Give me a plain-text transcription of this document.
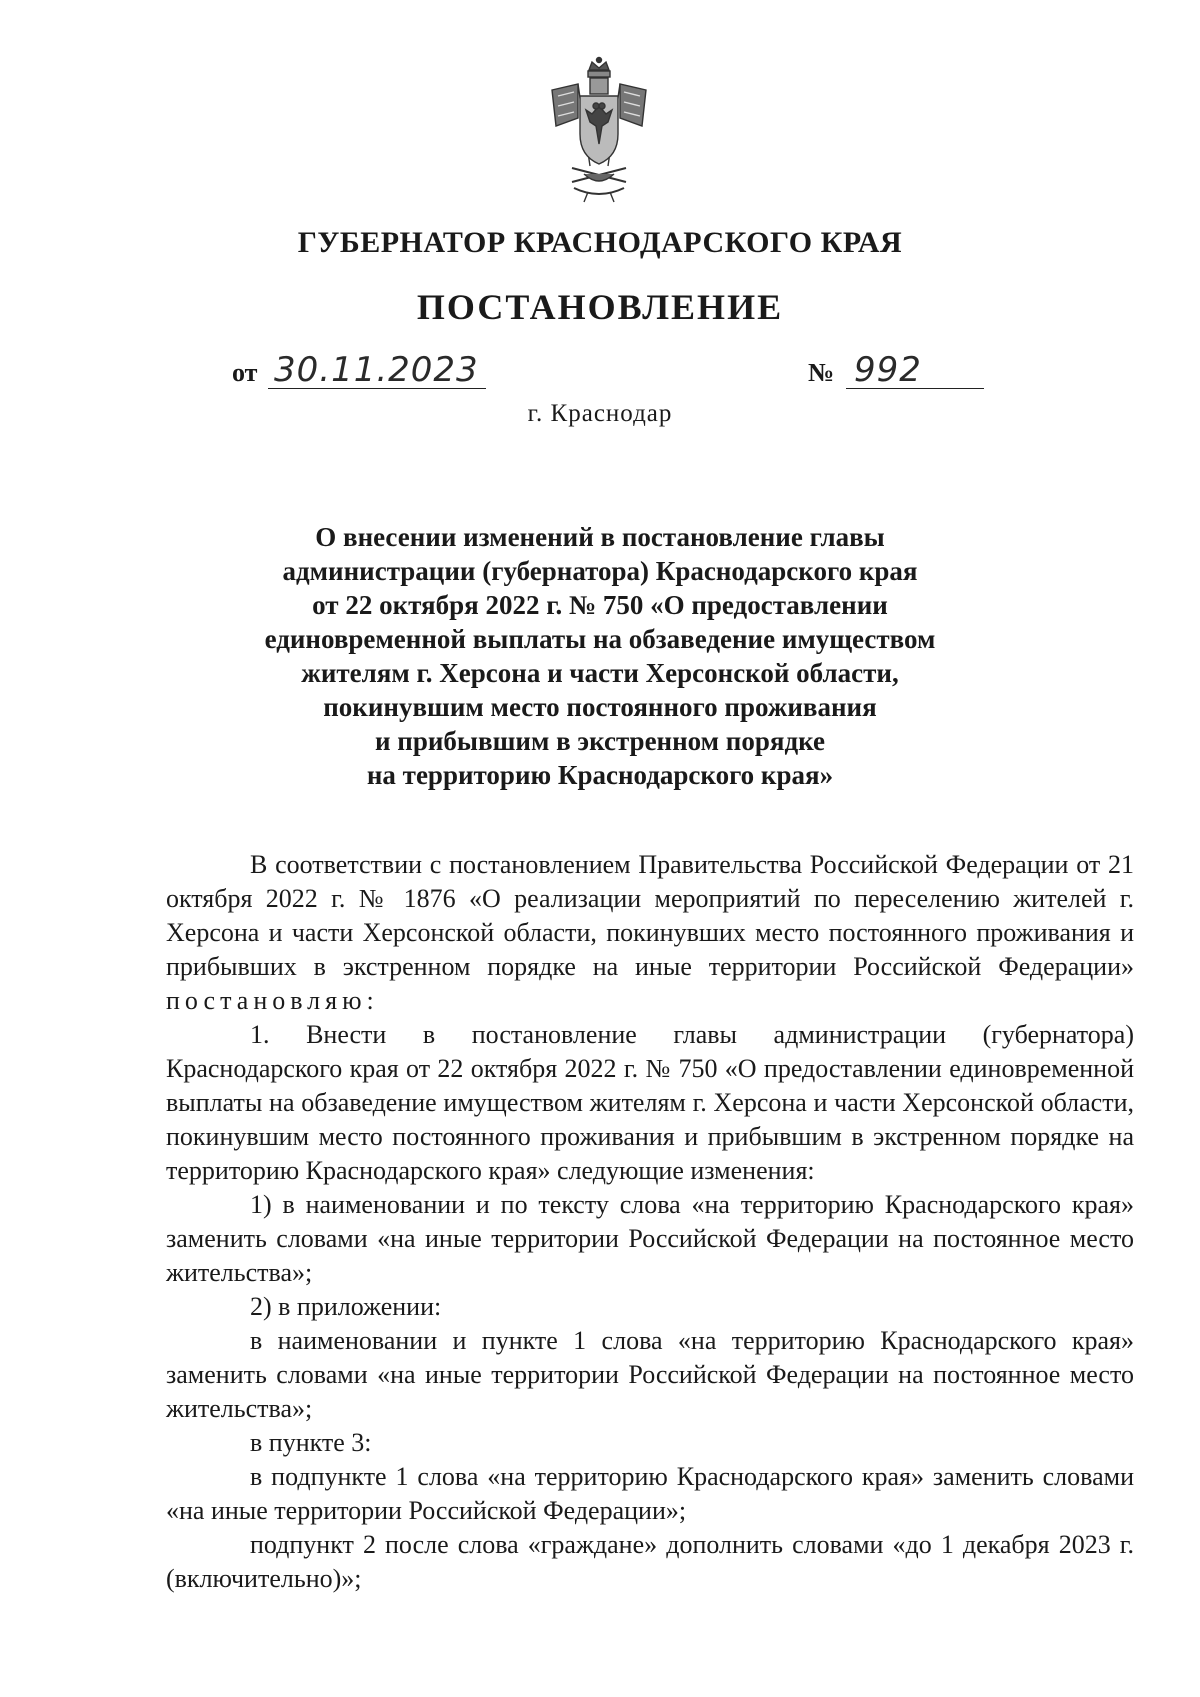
ГУБЕРНАТОР КРАСНОДАРСКОГО КРАЯ
ПОСТАНОВЛЕНИЕ
от 30.11.2023	№ 992
г. Краснодар
О внесении изменений в постановление главы
администрации (губернатора) Краснодарского края
от 22 октября 2022 г. № 750 «О предоставлении
единовременной выплаты на обзаведение имуществом
жителям г. Херсона и части Херсонской области,
покинувшим место постоянного проживания
и прибывшим в экстренном порядке
на территорию Краснодарского края»

В соответствии с постановлением Правительства Российской Федерации от 21 октября 2022 г. № 1876 «О реализации мероприятий по переселению жителей г. Херсона и части Херсонской области, покинувших место постоянного проживания и прибывших в экстренном порядке на иные территории Российской Федерации» постановляю:

1. Внести в постановление главы администрации (губернатора) Краснодарского края от 22 октября 2022 г. № 750 «О предоставлении единовременной выплаты на обзаведение имуществом жителям г. Херсона и части Херсонской области, покинувшим место постоянного проживания и прибывшим в экстренном порядке на территорию Краснодарского края» следующие изменения:

1) в наименовании и по тексту слова «на территорию Краснодарского края» заменить словами «на иные территории Российской Федерации на постоянное место жительства»;

2) в приложении:

в наименовании и пункте 1 слова «на территорию Краснодарского края» заменить словами «на иные территории Российской Федерации на постоянное место жительства»;

в пункте 3:

в подпункте 1 слова «на территорию Краснодарского края» заменить словами «на иные территории Российской Федерации»;

подпункт 2 после слова «граждане» дополнить словами «до 1 декабря 2023 г. (включительно)»;
